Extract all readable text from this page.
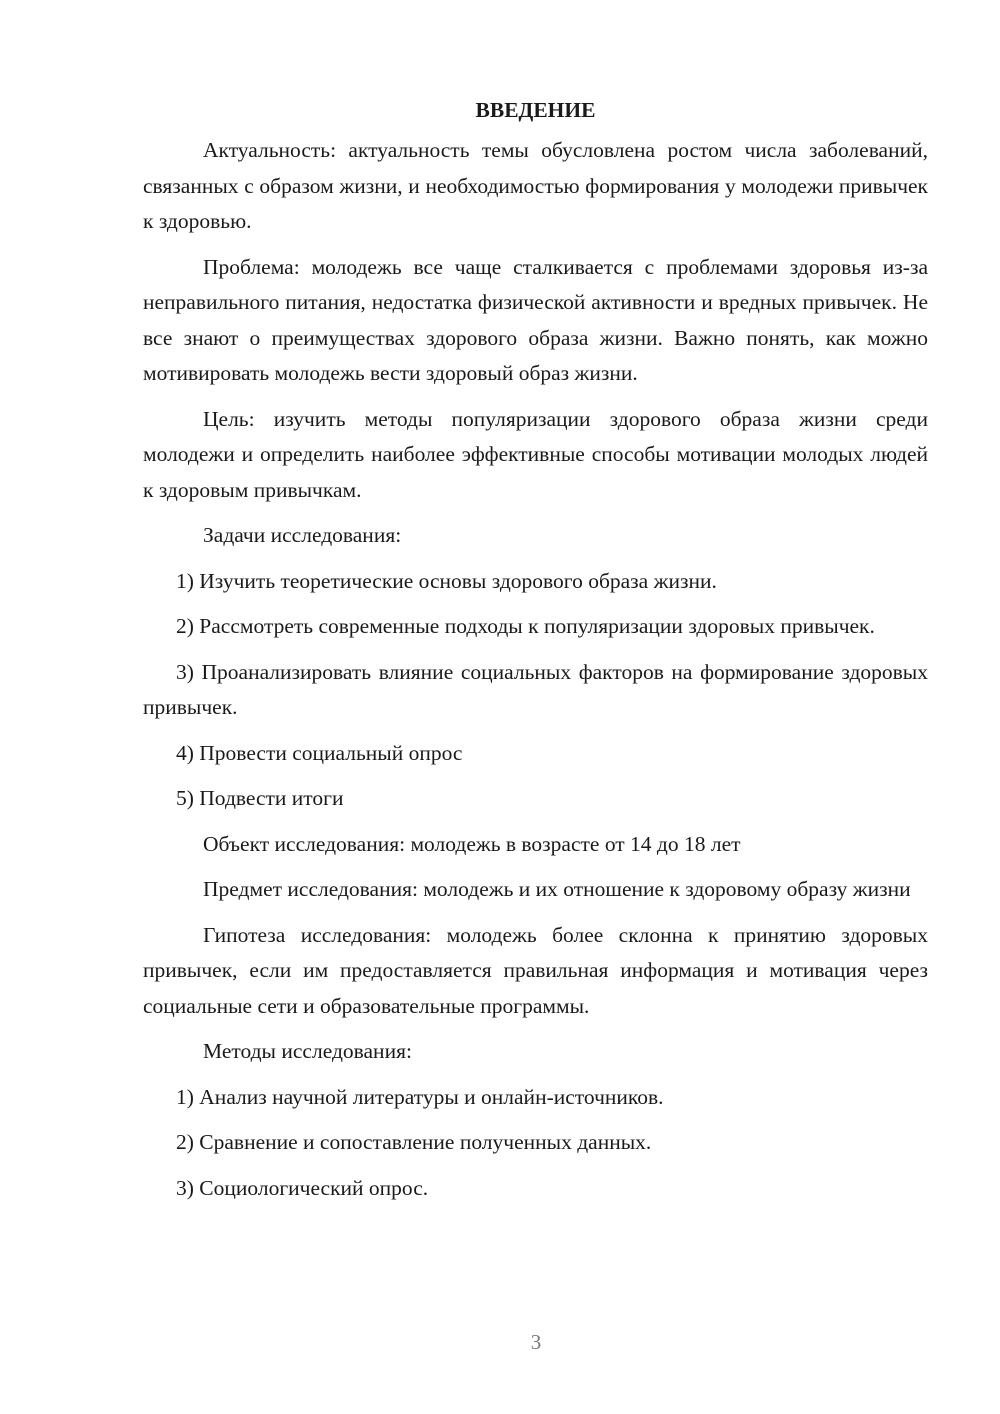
ВВЕДЕНИЕ

Актуальность: актуальность темы обусловлена ростом числа заболеваний, связанных с образом жизни, и необходимостью формирования у молодежи привычек к здоровью.

Проблема: молодежь все чаще сталкивается с проблемами здоровья из-за неправильного питания, недостатка физической активности и вредных привычек. Не все знают о преимуществах здорового образа жизни. Важно понять, как можно мотивировать молодежь вести здоровый образ жизни.

Цель: изучить методы популяризации здорового образа жизни среди молодежи и определить наиболее эффективные способы мотивации молодых людей к здоровым привычкам.

Задачи исследования:

1) Изучить теоретические основы здорового образа жизни.

2) Рассмотреть современные подходы к популяризации здоровых привычек.

3) Проанализировать влияние социальных факторов на формирование здоровых привычек.

4) Провести социальный опрос

5) Подвести итоги

Объект исследования: молодежь в возрасте от 14 до 18 лет

Предмет исследования: молодежь и их отношение к здоровому образу жизни

Гипотеза исследования: молодежь более склонна к принятию здоровых привычек, если им предоставляется правильная информация и мотивация через социальные сети и образовательные программы.

Методы исследования:

1) Анализ научной литературы и онлайн-источников.

2) Сравнение и сопоставление полученных данных.

3) Социологический опрос.

3
